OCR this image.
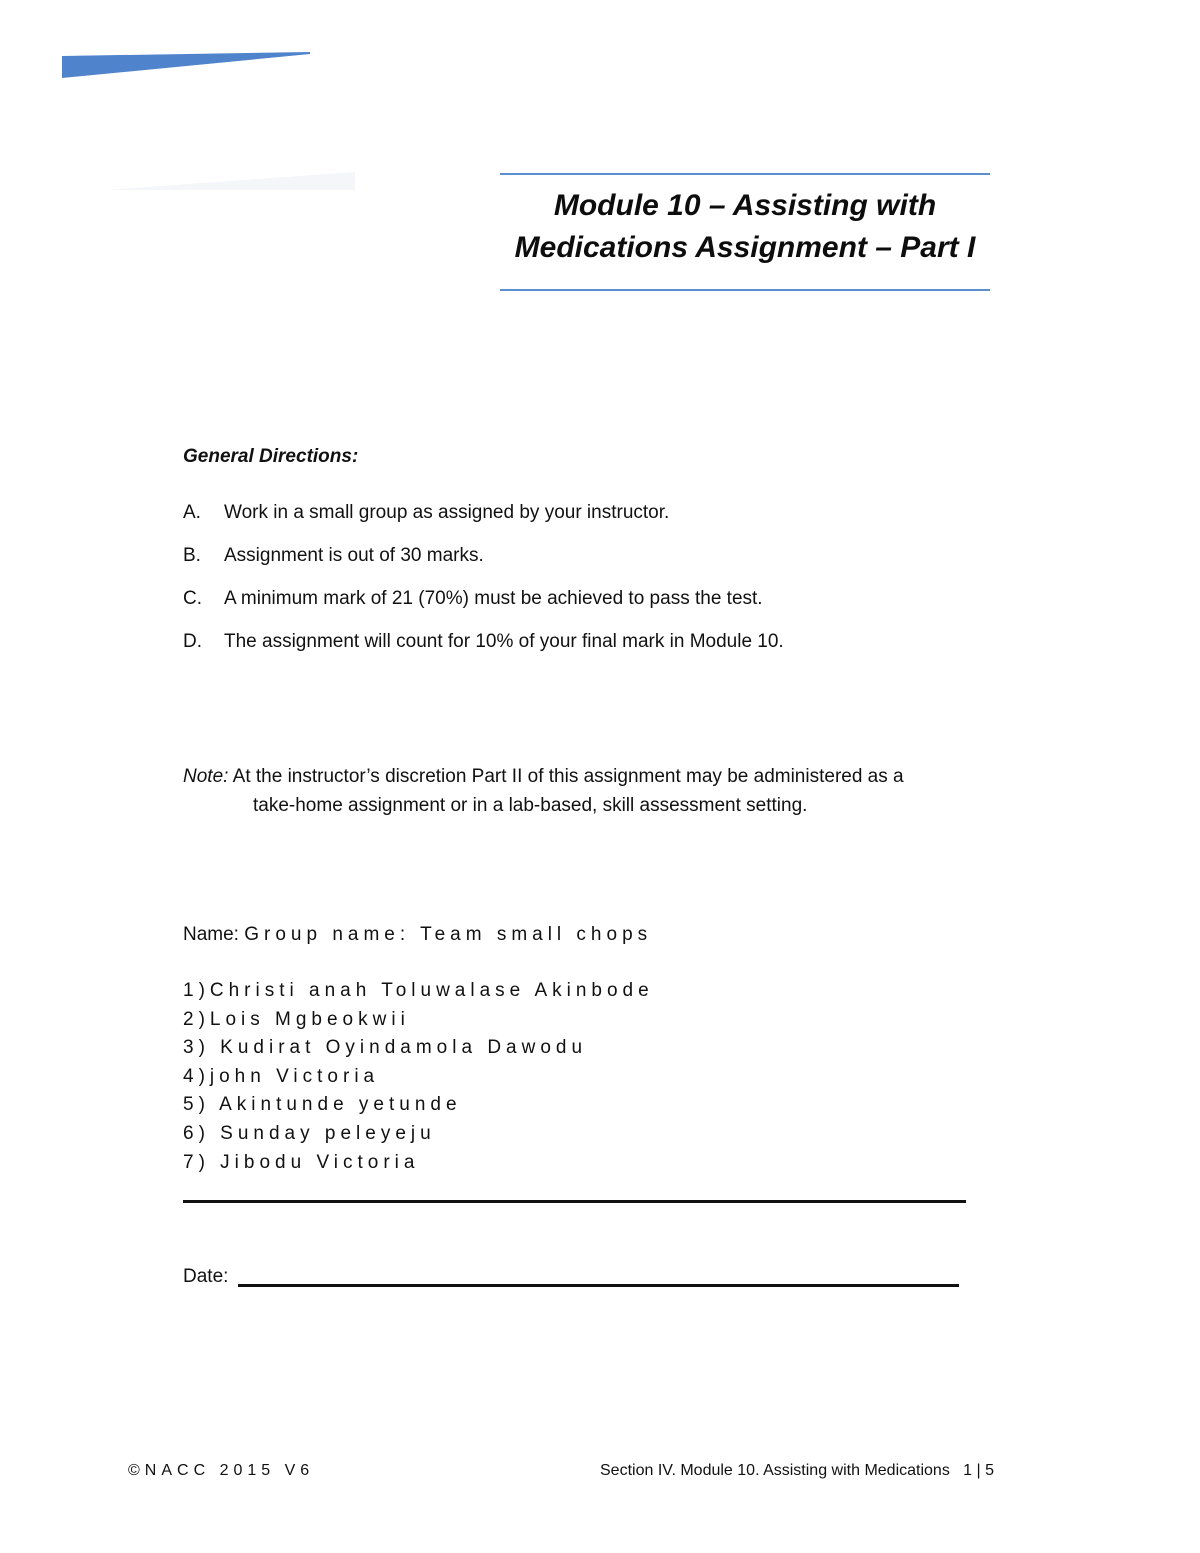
Module 10 – Assisting with
Medications Assignment – Part I
General Directions:
A.	Work in a small group as assigned by your instructor.
B.	Assignment is out of 30 marks.
C.	A minimum mark of 21 (70%) must be achieved to pass the test.
D.	The assignment will count for 10% of your final mark in Module 10.
Note: At the instructor’s discretion Part II of this assignment may be administered as a
take-home assignment or in a lab-based, skill assessment setting.
Name: Group name: Team small chops
1)Christi anah Toluwalase Akinbode
2)Lois Mgbeokwii
3) Kudirat Oyindamola Dawodu
4)john Victoria
5) Akintunde yetunde
6) Sunday peleyeju
7) Jibodu Victoria
Date:
©NACC 2015 V6	Section IV. Module 10. Assisting with Medications   1 | 5
